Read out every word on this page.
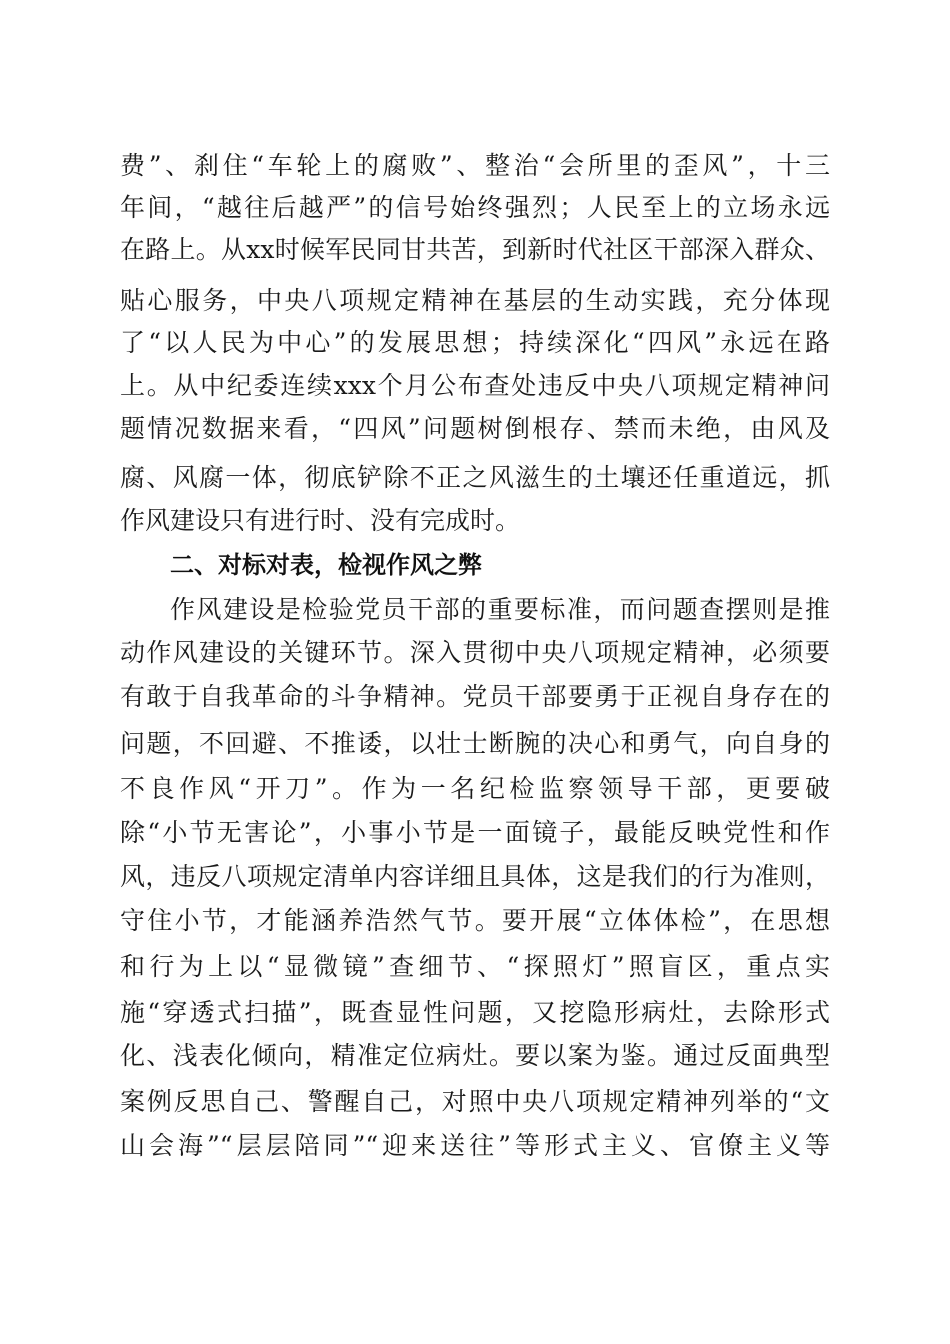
费”、刹住“车轮上的腐败”、整治“会所里的歪风”，十三
年间，“越往后越严”的信号始终强烈；人民至上的立场永远
在路上。从xx时候军民同甘共苦，到新时代社区干部深入群众、
贴心服务，中央八项规定精神在基层的生动实践，充分体现
了“以人民为中心”的发展思想；持续深化“四风”永远在路
上。从中纪委连续xxx个月公布查处违反中央八项规定精神问
题情况数据来看，“四风”问题树倒根存、禁而未绝，由风及
腐、风腐一体，彻底铲除不正之风滋生的土壤还任重道远，抓
作风建设只有进行时、没有完成时。
二、对标对表，检视作风之弊
作风建设是检验党员干部的重要标准，而问题查摆则是推
动作风建设的关键环节。深入贯彻中央八项规定精神，必须要
有敢于自我革命的斗争精神。党员干部要勇于正视自身存在的
问题，不回避、不推诿，以壮士断腕的决心和勇气，向自身的
不良作风“开刀”。作为一名纪检监察领导干部，更要破
除“小节无害论”，小事小节是一面镜子，最能反映党性和作
风，违反八项规定清单内容详细且具体，这是我们的行为准则，
守住小节，才能涵养浩然气节。要开展“立体体检”，在思想
和行为上以“显微镜”查细节、“探照灯”照盲区，重点实
施“穿透式扫描”，既查显性问题，又挖隐形病灶，去除形式
化、浅表化倾向，精准定位病灶。要以案为鉴。通过反面典型
案例反思自己、警醒自己，对照中央八项规定精神列举的“文
山会海”“层层陪同”“迎来送往”等形式主义、官僚主义等
